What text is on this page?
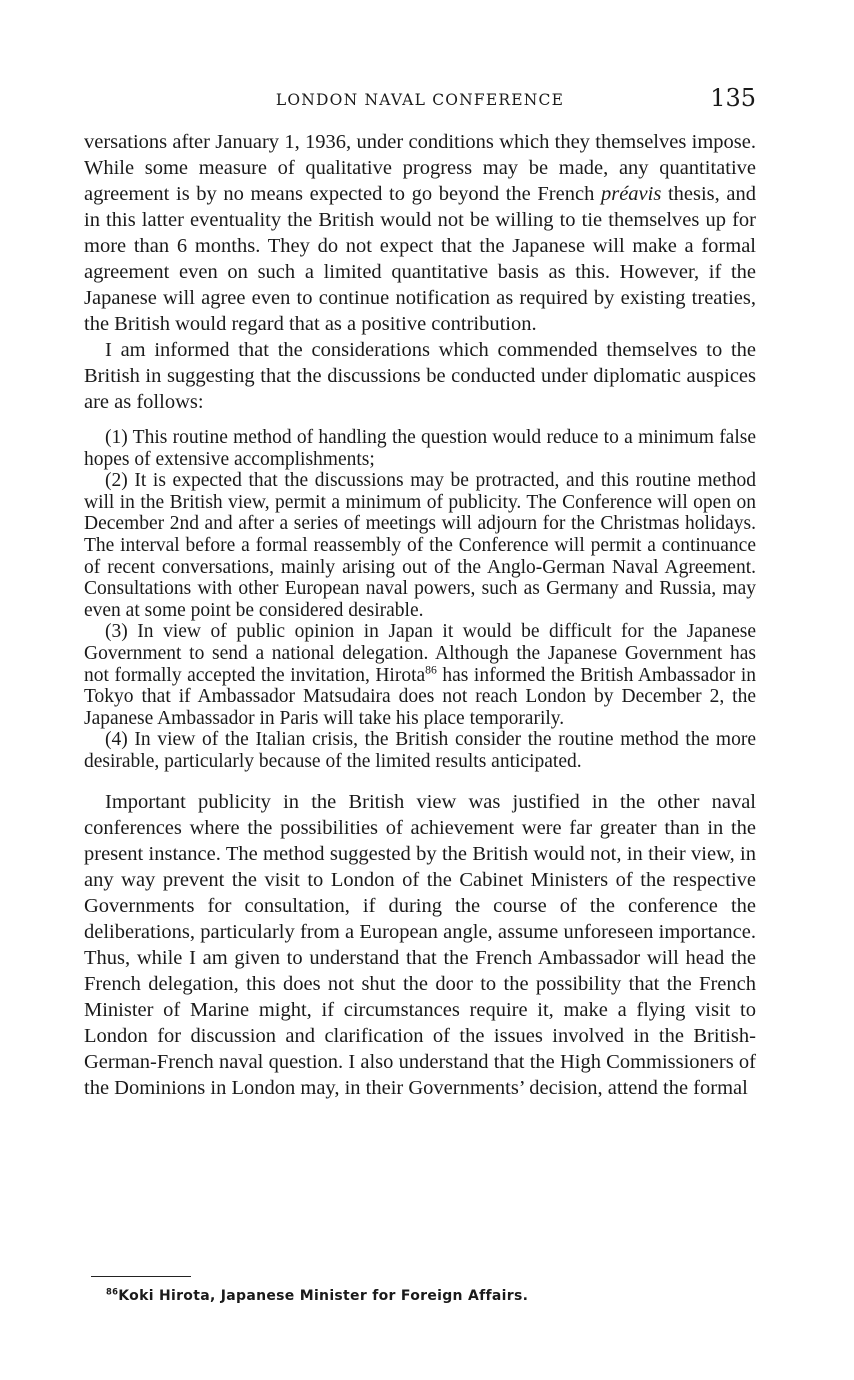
LONDON NAVAL CONFERENCE	135

versations after January 1, 1936, under conditions which they themselves impose. While some measure of qualitative progress may be made, any quantitative agreement is by no means expected to go beyond the French préavis thesis, and in this latter eventuality the British would not be willing to tie themselves up for more than 6 months. They do not expect that the Japanese will make a formal agreement even on such a limited quantitative basis as this. However, if the Japanese will agree even to continue notification as required by existing treaties, the British would regard that as a positive contribution.

I am informed that the considerations which commended themselves to the British in suggesting that the discussions be conducted under diplomatic auspices are as follows:

(1) This routine method of handling the question would reduce to a minimum false hopes of extensive accomplishments;

(2) It is expected that the discussions may be protracted, and this routine method will in the British view, permit a minimum of publicity. The Conference will open on December 2nd and after a series of meetings will adjourn for the Christmas holidays. The interval before a formal reassembly of the Conference will permit a continuance of recent conversations, mainly arising out of the Anglo-German Naval Agreement. Consultations with other European naval powers, such as Germany and Russia, may even at some point be considered desirable.

(3) In view of public opinion in Japan it would be difficult for the Japanese Government to send a national delegation. Although the Japanese Government has not formally accepted the invitation, Hirota$^{86}$ has informed the British Ambassador in Tokyo that if Ambassador Matsudaira does not reach London by December 2, the Japanese Ambassador in Paris will take his place temporarily.

(4) In view of the Italian crisis, the British consider the routine method the more desirable, particularly because of the limited results anticipated.

Important publicity in the British view was justified in the other naval conferences where the possibilities of achievement were far greater than in the present instance. The method suggested by the British would not, in their view, in any way prevent the visit to London of the Cabinet Ministers of the respective Governments for consultation, if during the course of the conference the deliberations, particularly from a European angle, assume unforeseen importance. Thus, while I am given to understand that the French Ambassador will head the French delegation, this does not shut the door to the possibility that the French Minister of Marine might, if circumstances require it, make a flying visit to London for discussion and clarification of the issues involved in the British-German-French naval question. I also understand that the High Commissioners of the Dominions in London may, in their Governments’ decision, attend the formal

$^{86}$Koki Hirota, Japanese Minister for Foreign Affairs.
